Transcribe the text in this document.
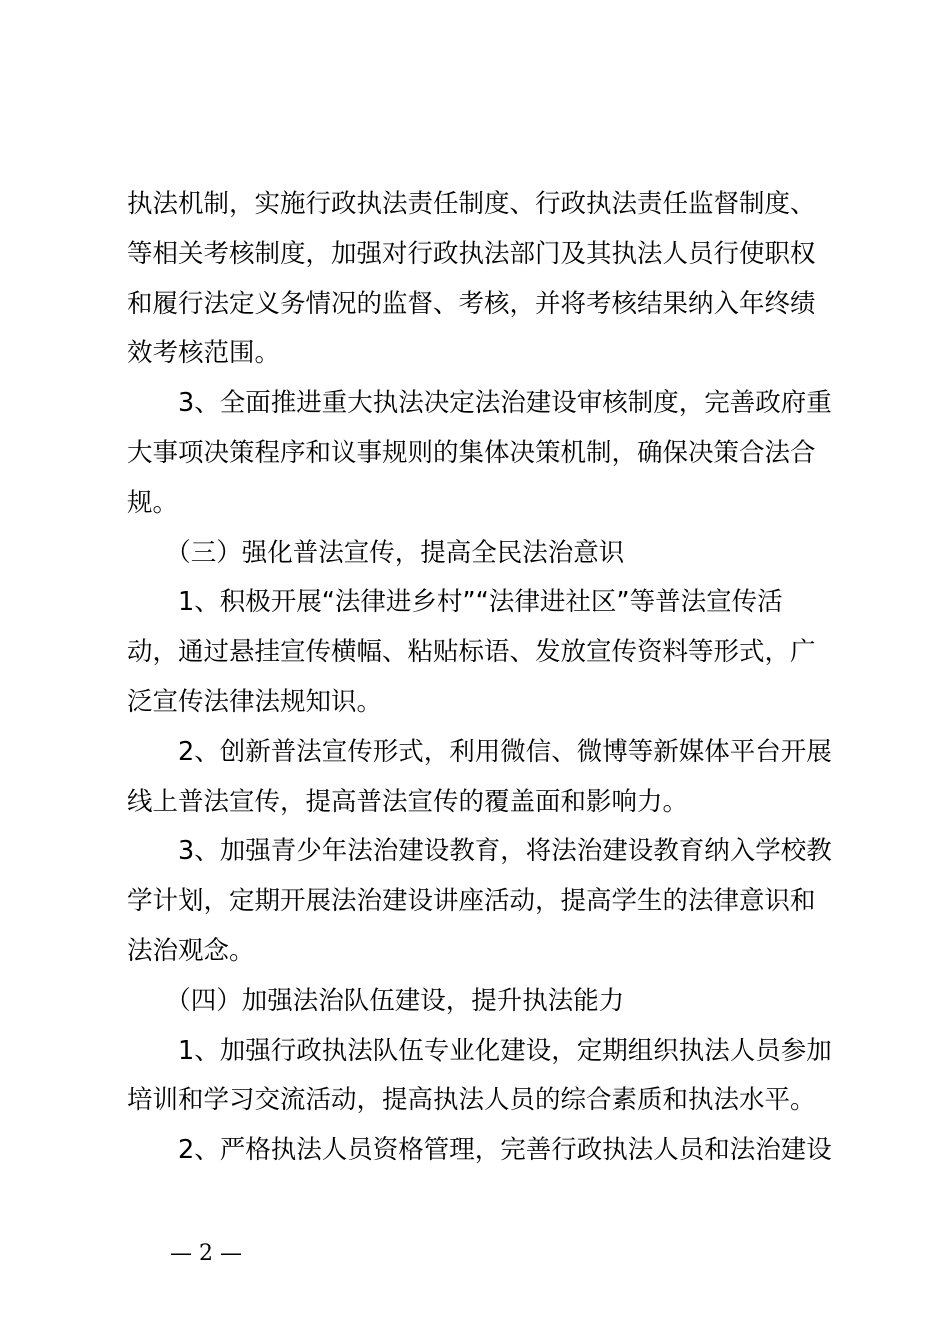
执法机制，实施行政执法责任制度、行政执法责任监督制度、
等相关考核制度，加强对行政执法部门及其执法人员行使职权
和履行法定义务情况的监督、考核，并将考核结果纳入年终绩
效考核范围。
　　3、全面推进重大执法决定法治建设审核制度，完善政府重
大事项决策程序和议事规则的集体决策机制，确保决策合法合
规。
　　（三）强化普法宣传，提高全民法治意识
　　1、积极开展“法律进乡村”“法律进社区”等普法宣传活
动，通过悬挂宣传横幅、粘贴标语、发放宣传资料等形式，广
泛宣传法律法规知识。
　　2、创新普法宣传形式，利用微信、微博等新媒体平台开展
线上普法宣传，提高普法宣传的覆盖面和影响力。
　　3、加强青少年法治建设教育，将法治建设教育纳入学校教
学计划，定期开展法治建设讲座活动，提高学生的法律意识和
法治观念。
　　（四）加强法治队伍建设，提升执法能力
　　1、加强行政执法队伍专业化建设，定期组织执法人员参加
培训和学习交流活动，提高执法人员的综合素质和执法水平。
　　2、严格执法人员资格管理，完善行政执法人员和法治建设
— 2 —
